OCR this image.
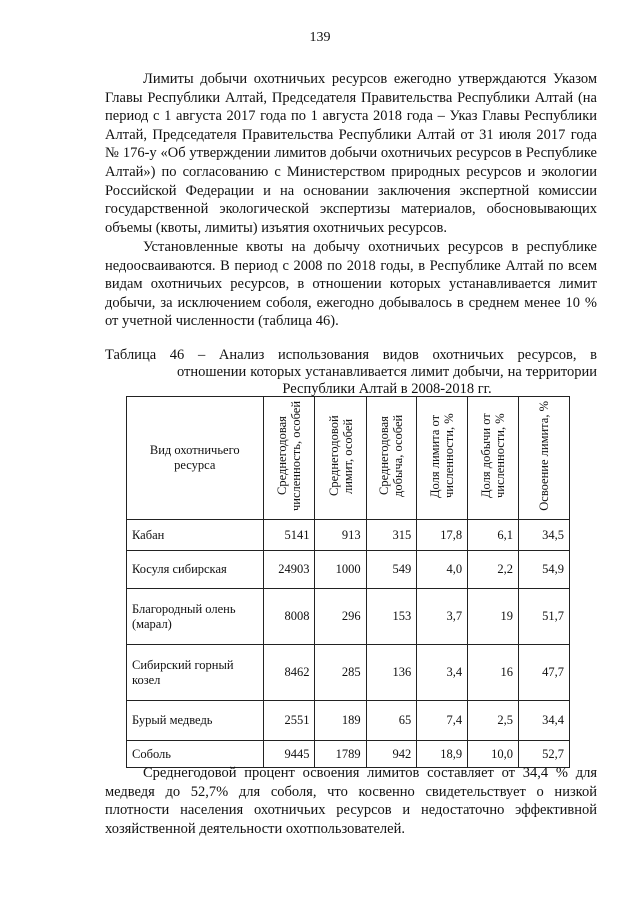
139

Лимиты добычи охотничьих ресурсов ежегодно утверждаются Указом Главы Республики Алтай, Председателя Правительства Республики Алтай (на период с 1 августа 2017 года по 1 августа 2018 года – Указ Главы Республики Алтай, Председателя Правительства Республики Алтай от 31 июля 2017 года № 176-у «Об утверждении лимитов добычи охотничьих ресурсов в Республике Алтай») по согласованию с Министерством природных ресурсов и экологии Российской Федерации и на основании заключения экспертной комиссии государственной экологической экспертизы материалов, обосновывающих объемы (квоты, лимиты) изъятия охотничьих ресурсов.

Установленные квоты на добычу охотничьих ресурсов в республике недоосваиваются. В период с 2008 по 2018 годы, в Республике Алтай по всем видам охотничьих ресурсов, в отношении которых устанавливается лимит добычи, за исключением соболя, ежегодно добывалось в среднем менее 10 % от учетной численности (таблица 46).

Таблица 46 – Анализ использования видов охотничьих ресурсов, в
отношении которых устанавливается лимит добычи, на территории Республики Алтай в 2008-2018 гг.
Вид охотничьего ресурса	Среднегодовая численность, особей	Среднегодовой лимит, особей	Среднегодовая добыча, особей	Доля лимита от численности, %	Доля добычи от численности, %	Освоение лимита, %
Кабан	5141	913	315	17,8	6,1	34,5
Косуля сибирская	24903	1000	549	4,0	2,2	54,9
Благородный олень (марал)	8008	296	153	3,7	19	51,7
Сибирский горный козел	8462	285	136	3,4	16	47,7
Бурый медведь	2551	189	65	7,4	2,5	34,4
Соболь	9445	1789	942	18,9	10,0	52,7

Среднегодовой процент освоения лимитов составляет от 34,4 % для медведя до 52,7% для соболя, что косвенно свидетельствует о низкой плотности населения охотничьих ресурсов и недостаточно эффективной хозяйственной деятельности охотпользователей.
